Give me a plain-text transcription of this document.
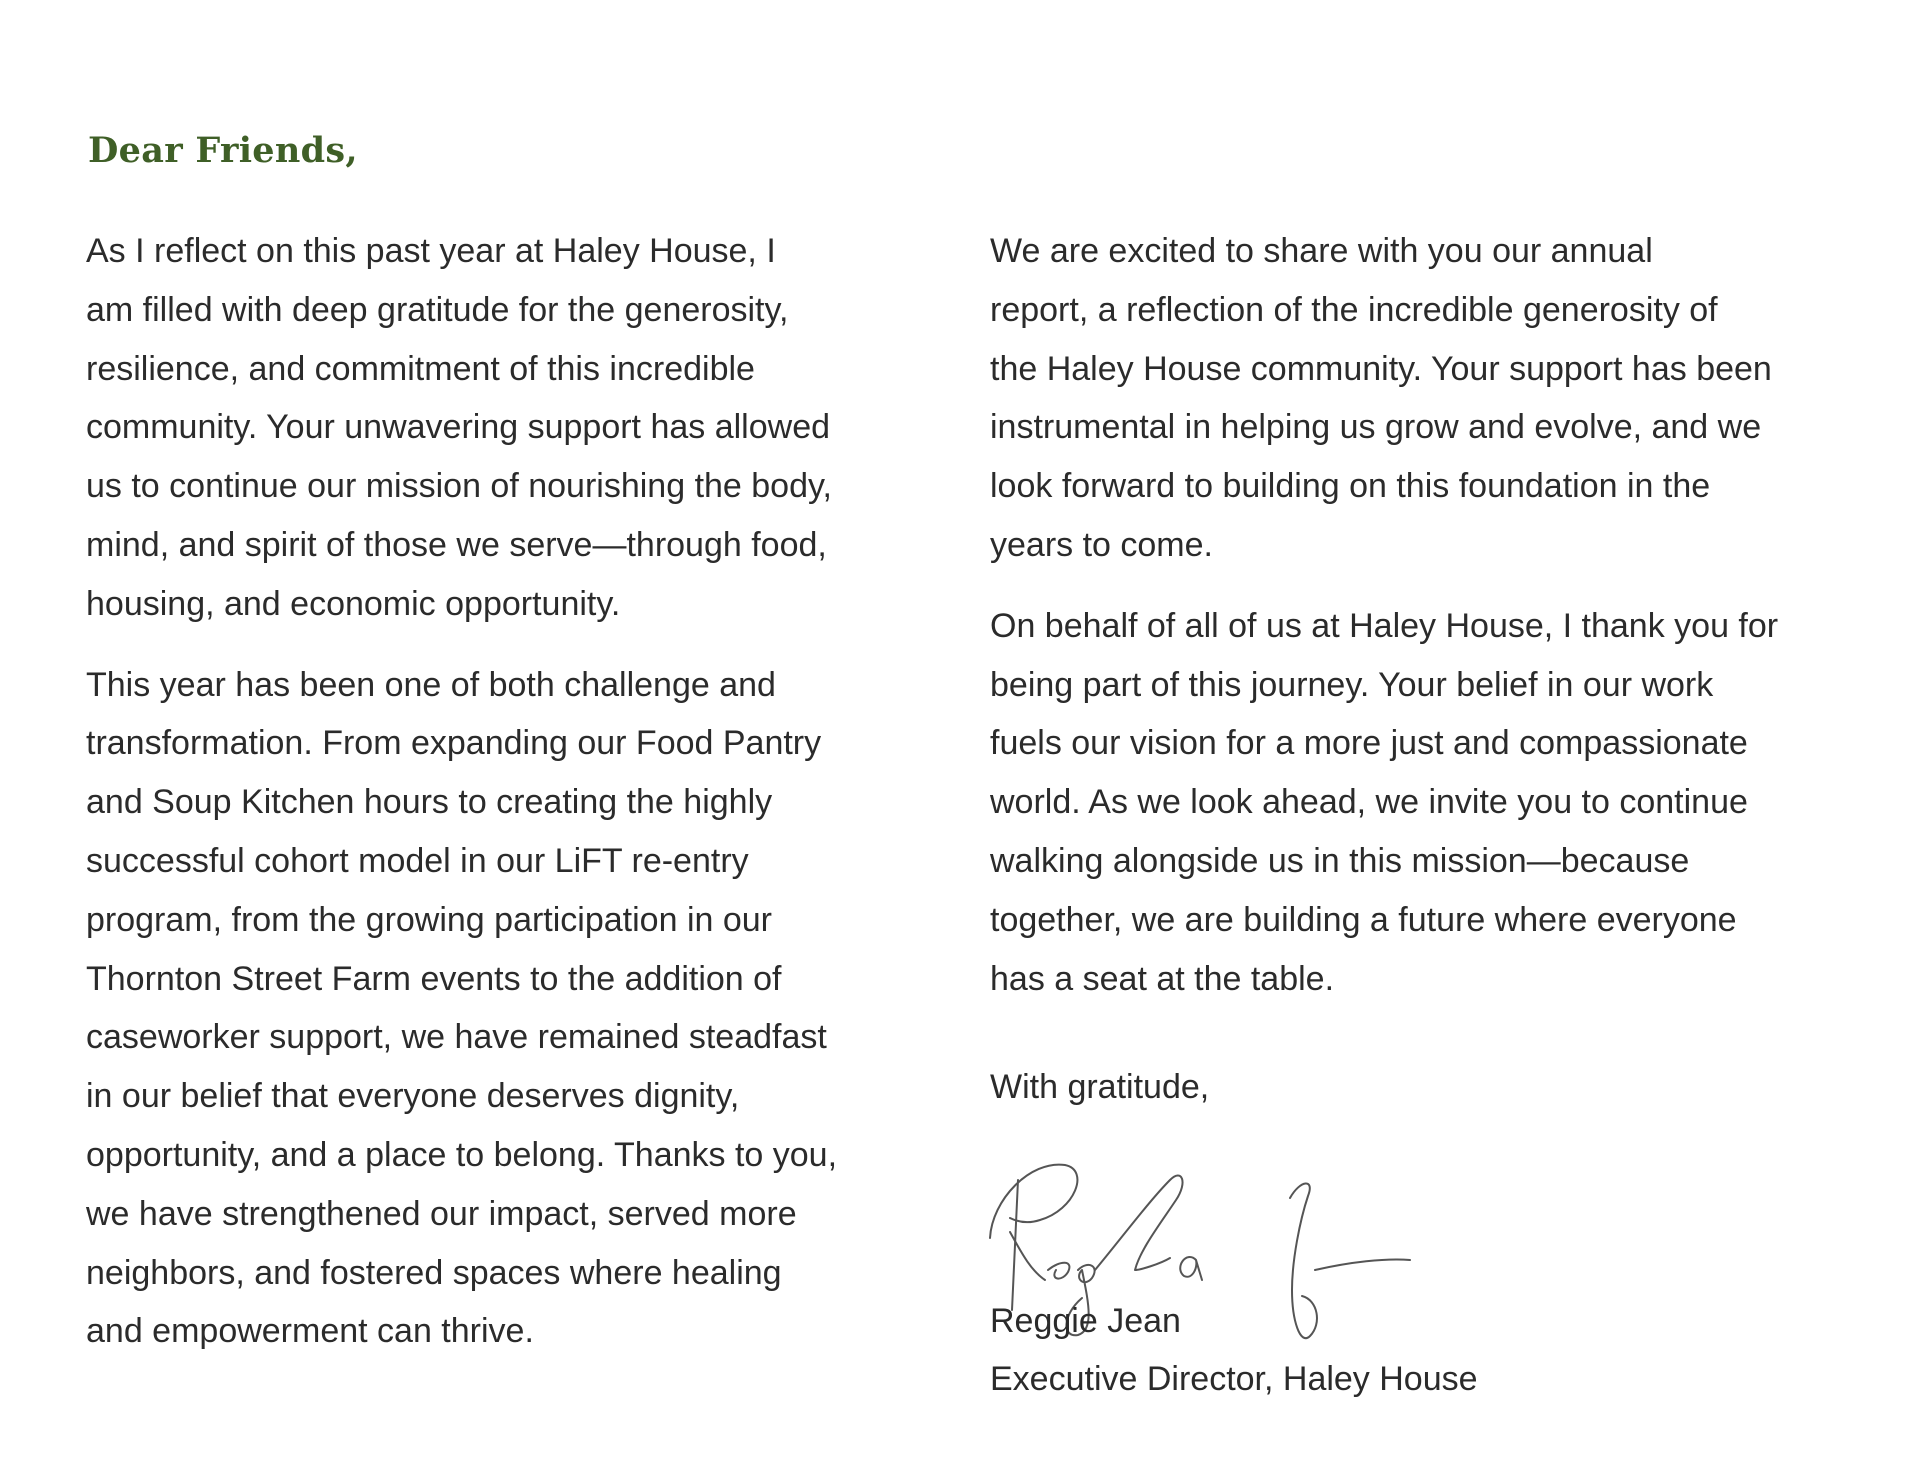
Dear Friends,

As I reflect on this past year at Haley House, I
am filled with deep gratitude for the generosity,
resilience, and commitment of this incredible
community. Your unwavering support has allowed
us to continue our mission of nourishing the body,
mind, and spirit of those we serve—through food,
housing, and economic opportunity.

This year has been one of both challenge and
transformation. From expanding our Food Pantry
and Soup Kitchen hours to creating the highly
successful cohort model in our LiFT re-entry
program, from the growing participation in our
Thornton Street Farm events to the addition of
caseworker support, we have remained steadfast
in our belief that everyone deserves dignity,
opportunity, and a place to belong. Thanks to you,
we have strengthened our impact, served more
neighbors, and fostered spaces where healing
and empowerment can thrive.

We are excited to share with you our annual
report, a reflection of the incredible generosity of
the Haley House community. Your support has been
instrumental in helping us grow and evolve, and we
look forward to building on this foundation in the
years to come.

On behalf of all of us at Haley House, I thank you for
being part of this journey. Your belief in our work
fuels our vision for a more just and compassionate
world. As we look ahead, we invite you to continue
walking alongside us in this mission—because
together, we are building a future where everyone
has a seat at the table.

With gratitude,
Reggie Jean
Executive Director, Haley House
